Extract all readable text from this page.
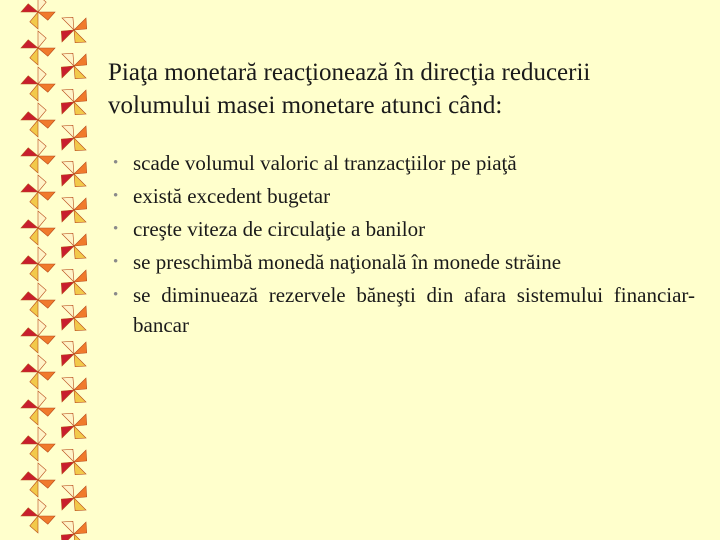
Piaţa monetară reacţionează în direcţia reducerii volumului masei monetare atunci când:
• scade volumul valoric al tranzacţiilor pe piaţă
• există excedent bugetar
• creşte viteza de circulaţie a banilor
• se preschimbă monedă naţională în monede străine
• se diminuează rezervele băneşti din afara sistemului financiar-bancar
